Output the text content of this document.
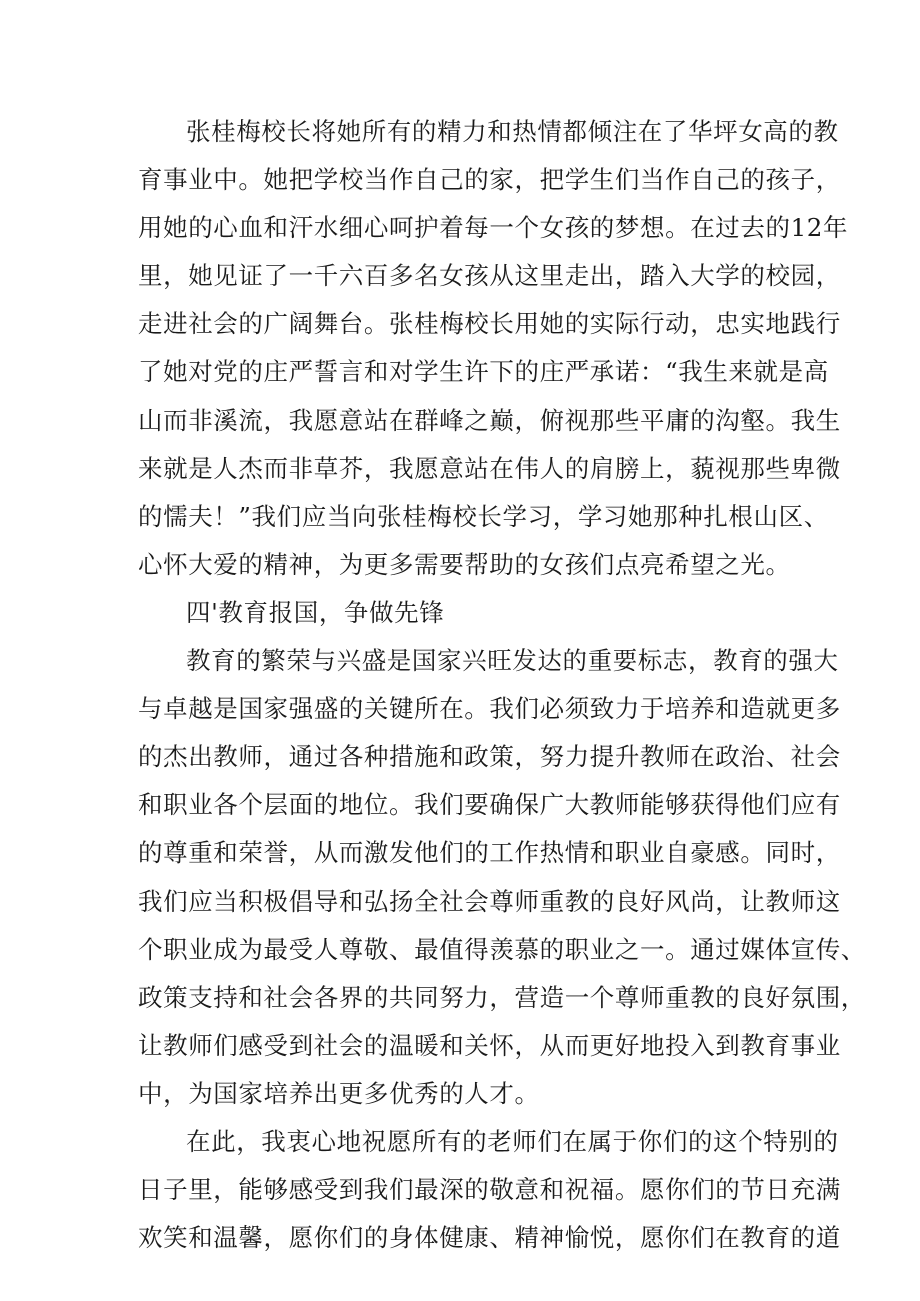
张桂梅校长将她所有的精力和热情都倾注在了华坪女高的教
育事业中。她把学校当作自己的家，把学生们当作自己的孩子，
用她的心血和汗水细心呵护着每一个女孩的梦想。在过去的12年
里，她见证了一千六百多名女孩从这里走出，踏入大学的校园，
走进社会的广阔舞台。张桂梅校长用她的实际行动，忠实地践行
了她对党的庄严誓言和对学生许下的庄严承诺：“我生来就是高
山而非溪流，我愿意站在群峰之巅，俯视那些平庸的沟壑。我生
来就是人杰而非草芥，我愿意站在伟人的肩膀上，藐视那些卑微
的懦夫！”我们应当向张桂梅校长学习，学习她那种扎根山区、
心怀大爱的精神，为更多需要帮助的女孩们点亮希望之光。
四'教育报国，争做先锋
教育的繁荣与兴盛是国家兴旺发达的重要标志，教育的强大
与卓越是国家强盛的关键所在。我们必须致力于培养和造就更多
的杰出教师，通过各种措施和政策，努力提升教师在政治、社会
和职业各个层面的地位。我们要确保广大教师能够获得他们应有
的尊重和荣誉，从而激发他们的工作热情和职业自豪感。同时，
我们应当积极倡导和弘扬全社会尊师重教的良好风尚，让教师这
个职业成为最受人尊敬、最值得羡慕的职业之一。通过媒体宣传、
政策支持和社会各界的共同努力，营造一个尊师重教的良好氛围，
让教师们感受到社会的温暖和关怀，从而更好地投入到教育事业
中，为国家培养出更多优秀的人才。
在此，我衷心地祝愿所有的老师们在属于你们的这个特别的
日子里，能够感受到我们最深的敬意和祝福。愿你们的节日充满
欢笑和温馨，愿你们的身体健康、精神愉悦，愿你们在教育的道
